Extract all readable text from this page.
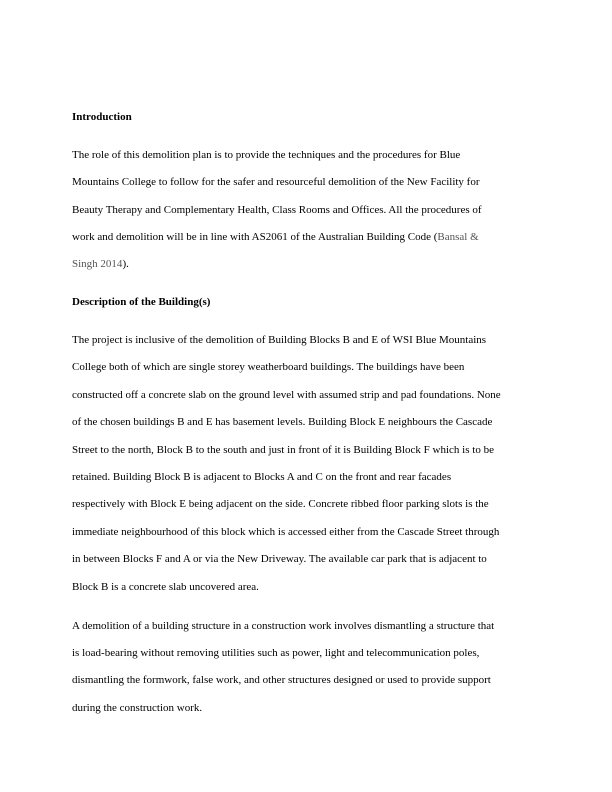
Introduction
The role of this demolition plan is to provide the techniques and the procedures for Blue
Mountains College to follow for the safer and resourceful demolition of the New Facility for
Beauty Therapy and Complementary Health, Class Rooms and Offices. All the procedures of
work and demolition will be in line with AS2061 of the Australian Building Code (Bansal &
Singh 2014).
Description of the Building(s)
The project is inclusive of the demolition of Building Blocks B and E of WSI Blue Mountains
College both of which are single storey weatherboard buildings. The buildings have been
constructed off a concrete slab on the ground level with assumed strip and pad foundations. None
of the chosen buildings B and E has basement levels. Building Block E neighbours the Cascade
Street to the north, Block B to the south and just in front of it is Building Block F which is to be
retained. Building Block B is adjacent to Blocks A and C on the front and rear facades
respectively with Block E being adjacent on the side. Concrete ribbed floor parking slots is the
immediate neighbourhood of this block which is accessed either from the Cascade Street through
in between Blocks F and A or via the New Driveway. The available car park that is adjacent to
Block B is a concrete slab uncovered area.
A demolition of a building structure in a construction work involves dismantling a structure that
is load-bearing without removing utilities such as power, light and telecommunication poles,
dismantling the formwork, false work, and other structures designed or used to provide support
during the construction work.
